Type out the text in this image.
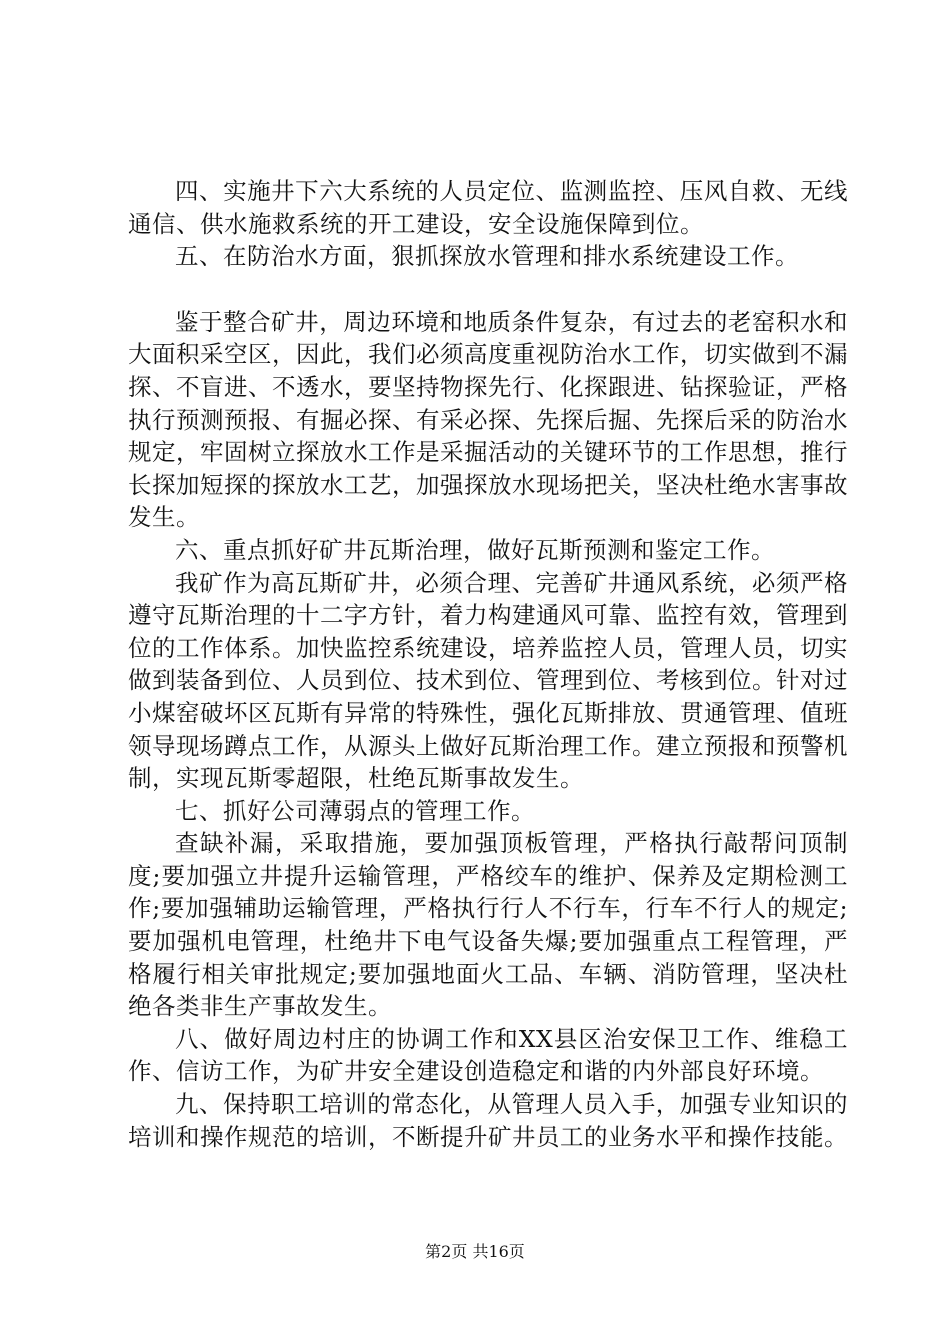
四、实施井下六大系统的人员定位、监测监控、压风自救、无线通信、供水施救系统的开工建设，安全设施保障到位。

五、在防治水方面，狠抓探放水管理和排水系统建设工作。

鉴于整合矿井，周边环境和地质条件复杂，有过去的老窑积水和大面积采空区，因此，我们必须高度重视防治水工作，切实做到不漏探、不盲进、不透水，要坚持物探先行、化探跟进、钻探验证，严格执行预测预报、有掘必探、有采必探、先探后掘、先探后采的防治水规定，牢固树立探放水工作是采掘活动的关键环节的工作思想，推行长探加短探的探放水工艺，加强探放水现场把关，坚决杜绝水害事故发生。

六、重点抓好矿井瓦斯治理，做好瓦斯预测和鉴定工作。

我矿作为高瓦斯矿井，必须合理、完善矿井通风系统，必须严格遵守瓦斯治理的十二字方针，着力构建通风可靠、监控有效，管理到位的工作体系。加快监控系统建设，培养监控人员，管理人员，切实做到装备到位、人员到位、技术到位、管理到位、考核到位。针对过小煤窑破坏区瓦斯有异常的特殊性，强化瓦斯排放、贯通管理、值班领导现场蹲点工作，从源头上做好瓦斯治理工作。建立预报和预警机制，实现瓦斯零超限，杜绝瓦斯事故发生。

七、抓好公司薄弱点的管理工作。

查缺补漏，采取措施，要加强顶板管理，严格执行敲帮问顶制度;要加强立井提升运输管理，严格绞车的维护、保养及定期检测工作;要加强辅助运输管理，严格执行行人不行车，行车不行人的规定;要加强机电管理，杜绝井下电气设备失爆;要加强重点工程管理，严格履行相关审批规定;要加强地面火工品、车辆、消防管理，坚决杜绝各类非生产事故发生。

八、做好周边村庄的协调工作和XX县区治安保卫工作、维稳工作、信访工作，为矿井安全建设创造稳定和谐的内外部良好环境。

九、保持职工培训的常态化，从管理人员入手，加强专业知识的培训和操作规范的培训，不断提升矿井员工的业务水平和操作技能。

第2页 共16页
